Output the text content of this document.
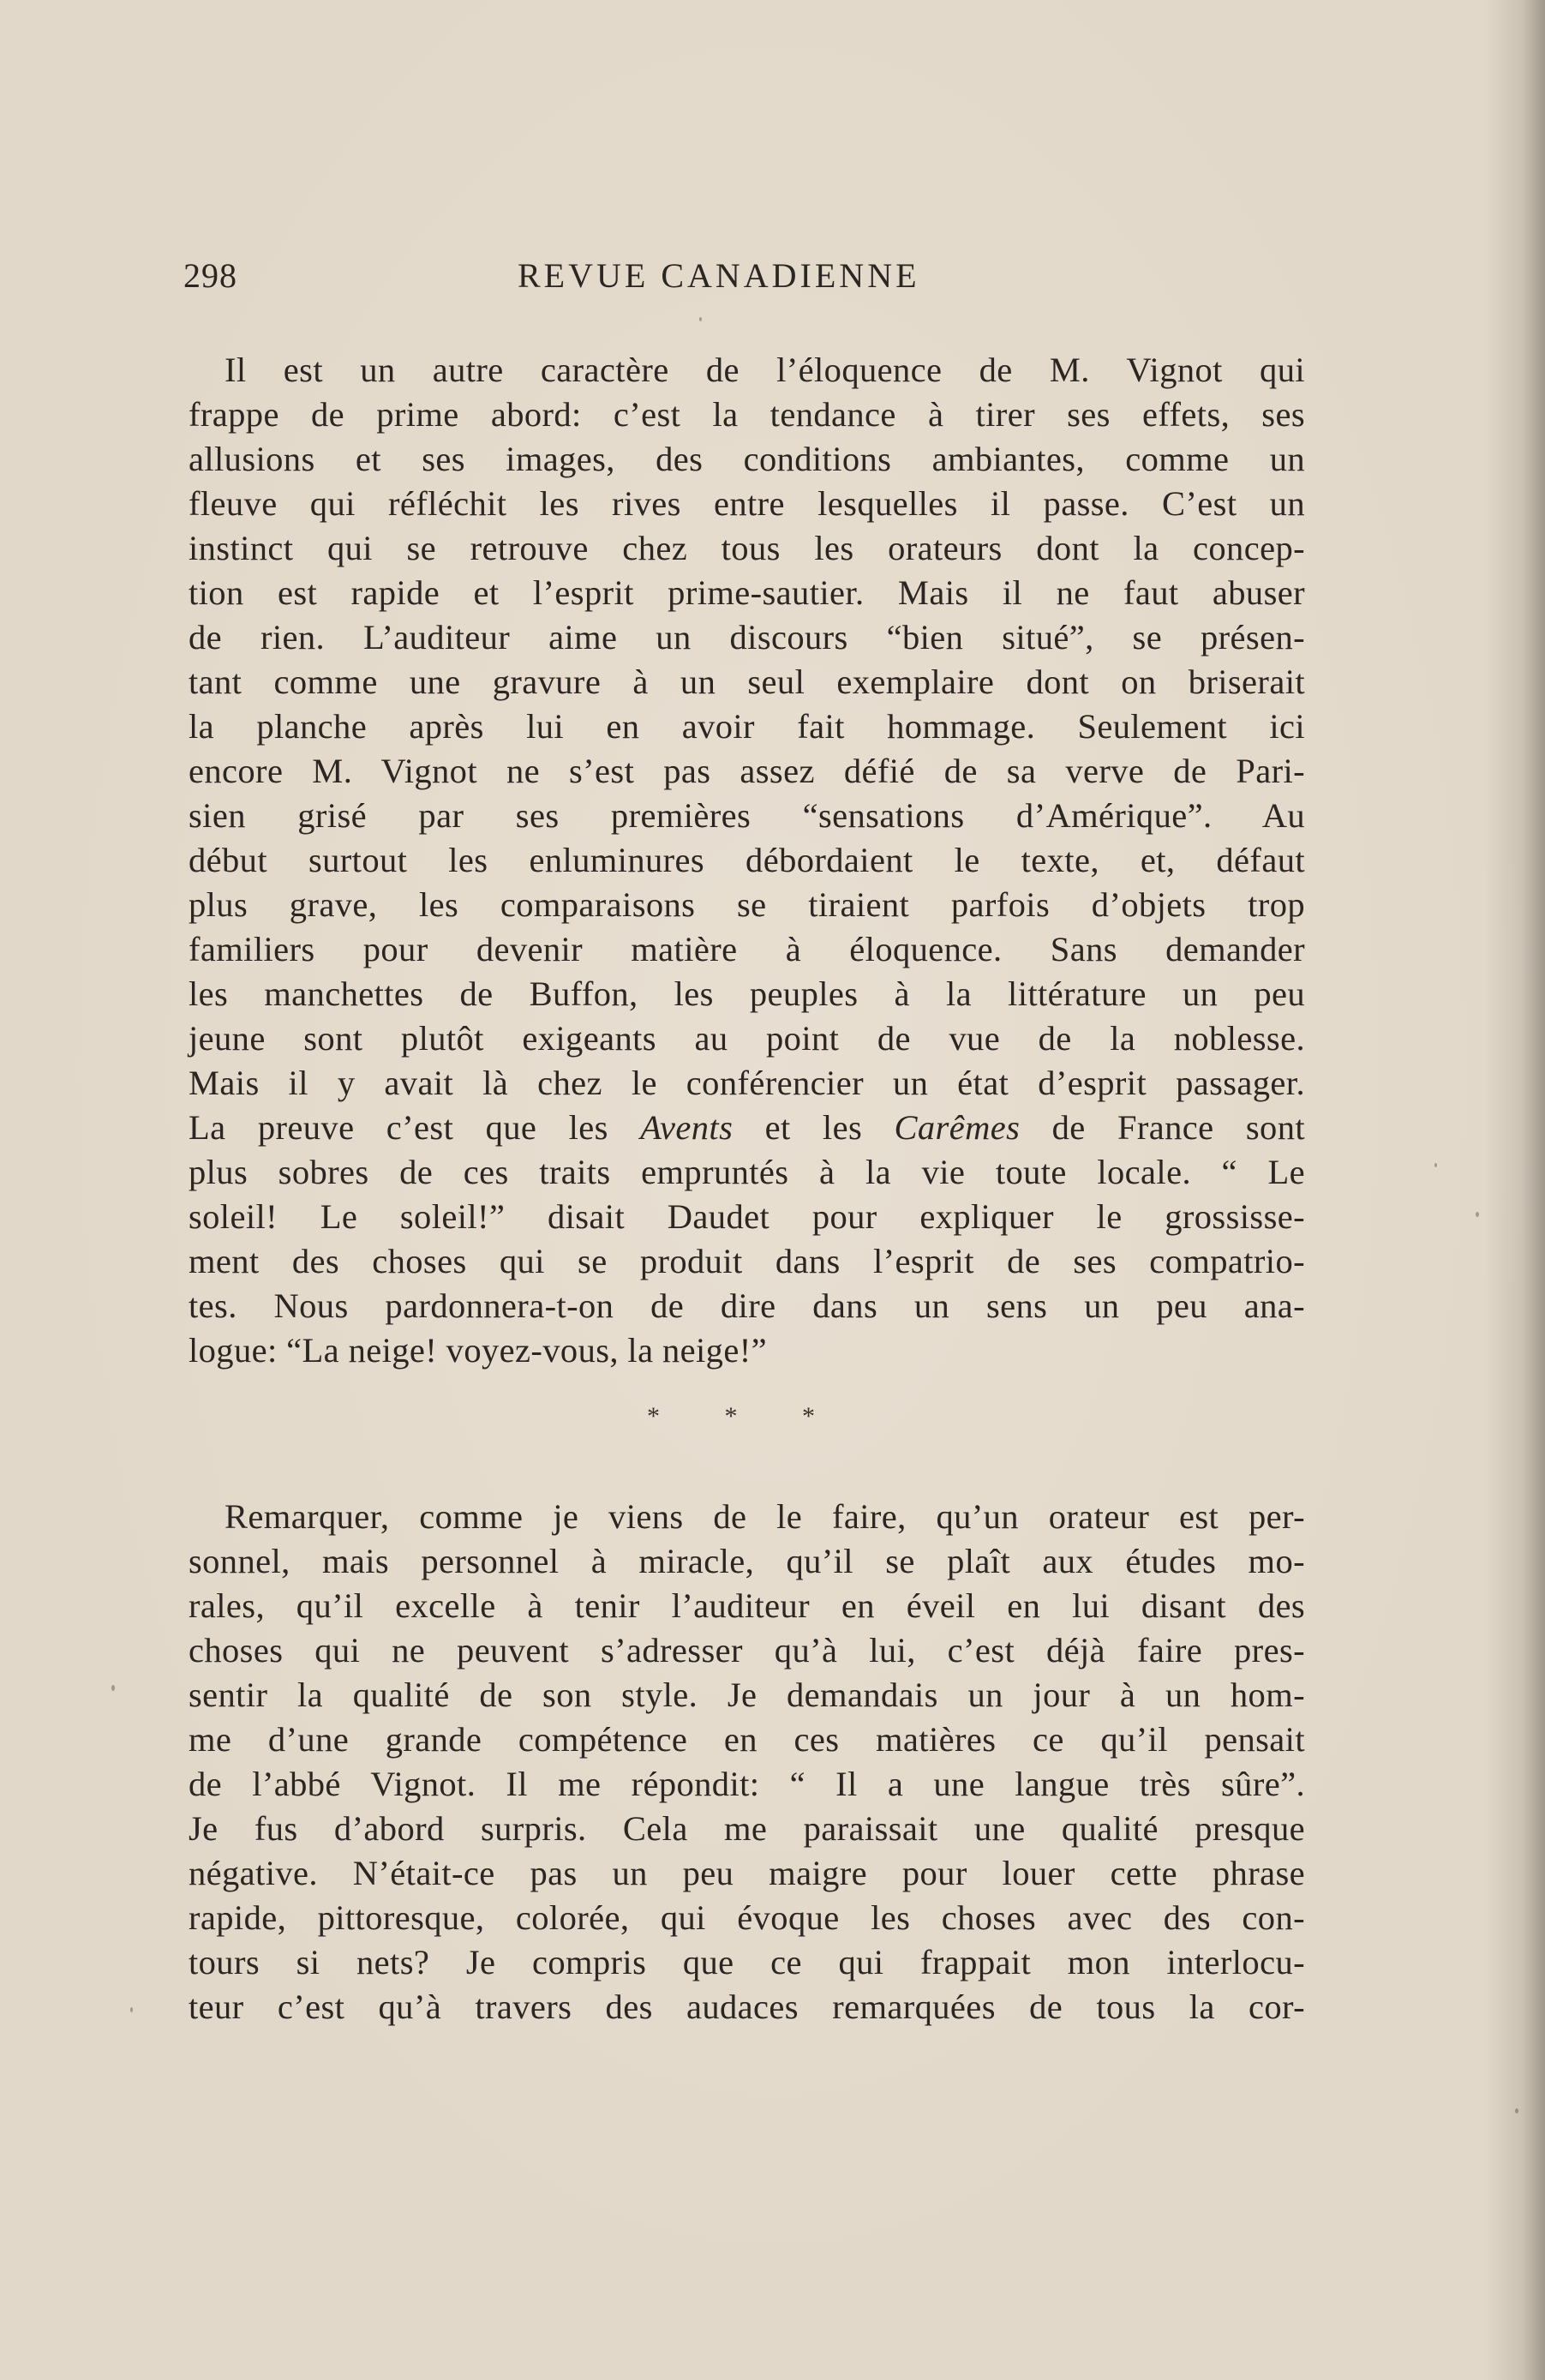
298	REVUE CANADIENNE
Il est un autre caractère de l’éloquence de M. Vignot qui
frappe de prime abord: c’est la tendance à tirer ses effets, ses
allusions et ses images, des conditions ambiantes, comme un
fleuve qui réfléchit les rives entre lesquelles il passe. C’est un
instinct qui se retrouve chez tous les orateurs dont la concep-
tion est rapide et l’esprit prime-sautier. Mais il ne faut abuser
de rien. L’auditeur aime un discours “bien situé”, se présen-
tant comme une gravure à un seul exemplaire dont on briserait
la planche après lui en avoir fait hommage. Seulement ici
encore M. Vignot ne s’est pas assez défié de sa verve de Pari-
sien grisé par ses premières “sensations d’Amérique”. Au
début surtout les enluminures débordaient le texte, et, défaut
plus grave, les comparaisons se tiraient parfois d’objets trop
familiers pour devenir matière à éloquence. Sans demander
les manchettes de Buffon, les peuples à la littérature un peu
jeune sont plutôt exigeants au point de vue de la noblesse.
Mais il y avait là chez le conférencier un état d’esprit passager.
La preuve c’est que les Avents et les Carêmes de France sont
plus sobres de ces traits empruntés à la vie toute locale. “ Le
soleil! Le soleil!” disait Daudet pour expliquer le grossisse-
ment des choses qui se produit dans l’esprit de ses compatrio-
tes. Nous pardonnera-t-on de dire dans un sens un peu ana-
logue: “La neige! voyez-vous, la neige!”
* * *
Remarquer, comme je viens de le faire, qu’un orateur est per-
sonnel, mais personnel à miracle, qu’il se plaît aux études mo-
rales, qu’il excelle à tenir l’auditeur en éveil en lui disant des
choses qui ne peuvent s’adresser qu’à lui, c’est déjà faire pres-
sentir la qualité de son style. Je demandais un jour à un hom-
me d’une grande compétence en ces matières ce qu’il pensait
de l’abbé Vignot. Il me répondit: “ Il a une langue très sûre”.
Je fus d’abord surpris. Cela me paraissait une qualité presque
négative. N’était-ce pas un peu maigre pour louer cette phrase
rapide, pittoresque, colorée, qui évoque les choses avec des con-
tours si nets? Je compris que ce qui frappait mon interlocu-
teur c’est qu’à travers des audaces remarquées de tous la cor-
